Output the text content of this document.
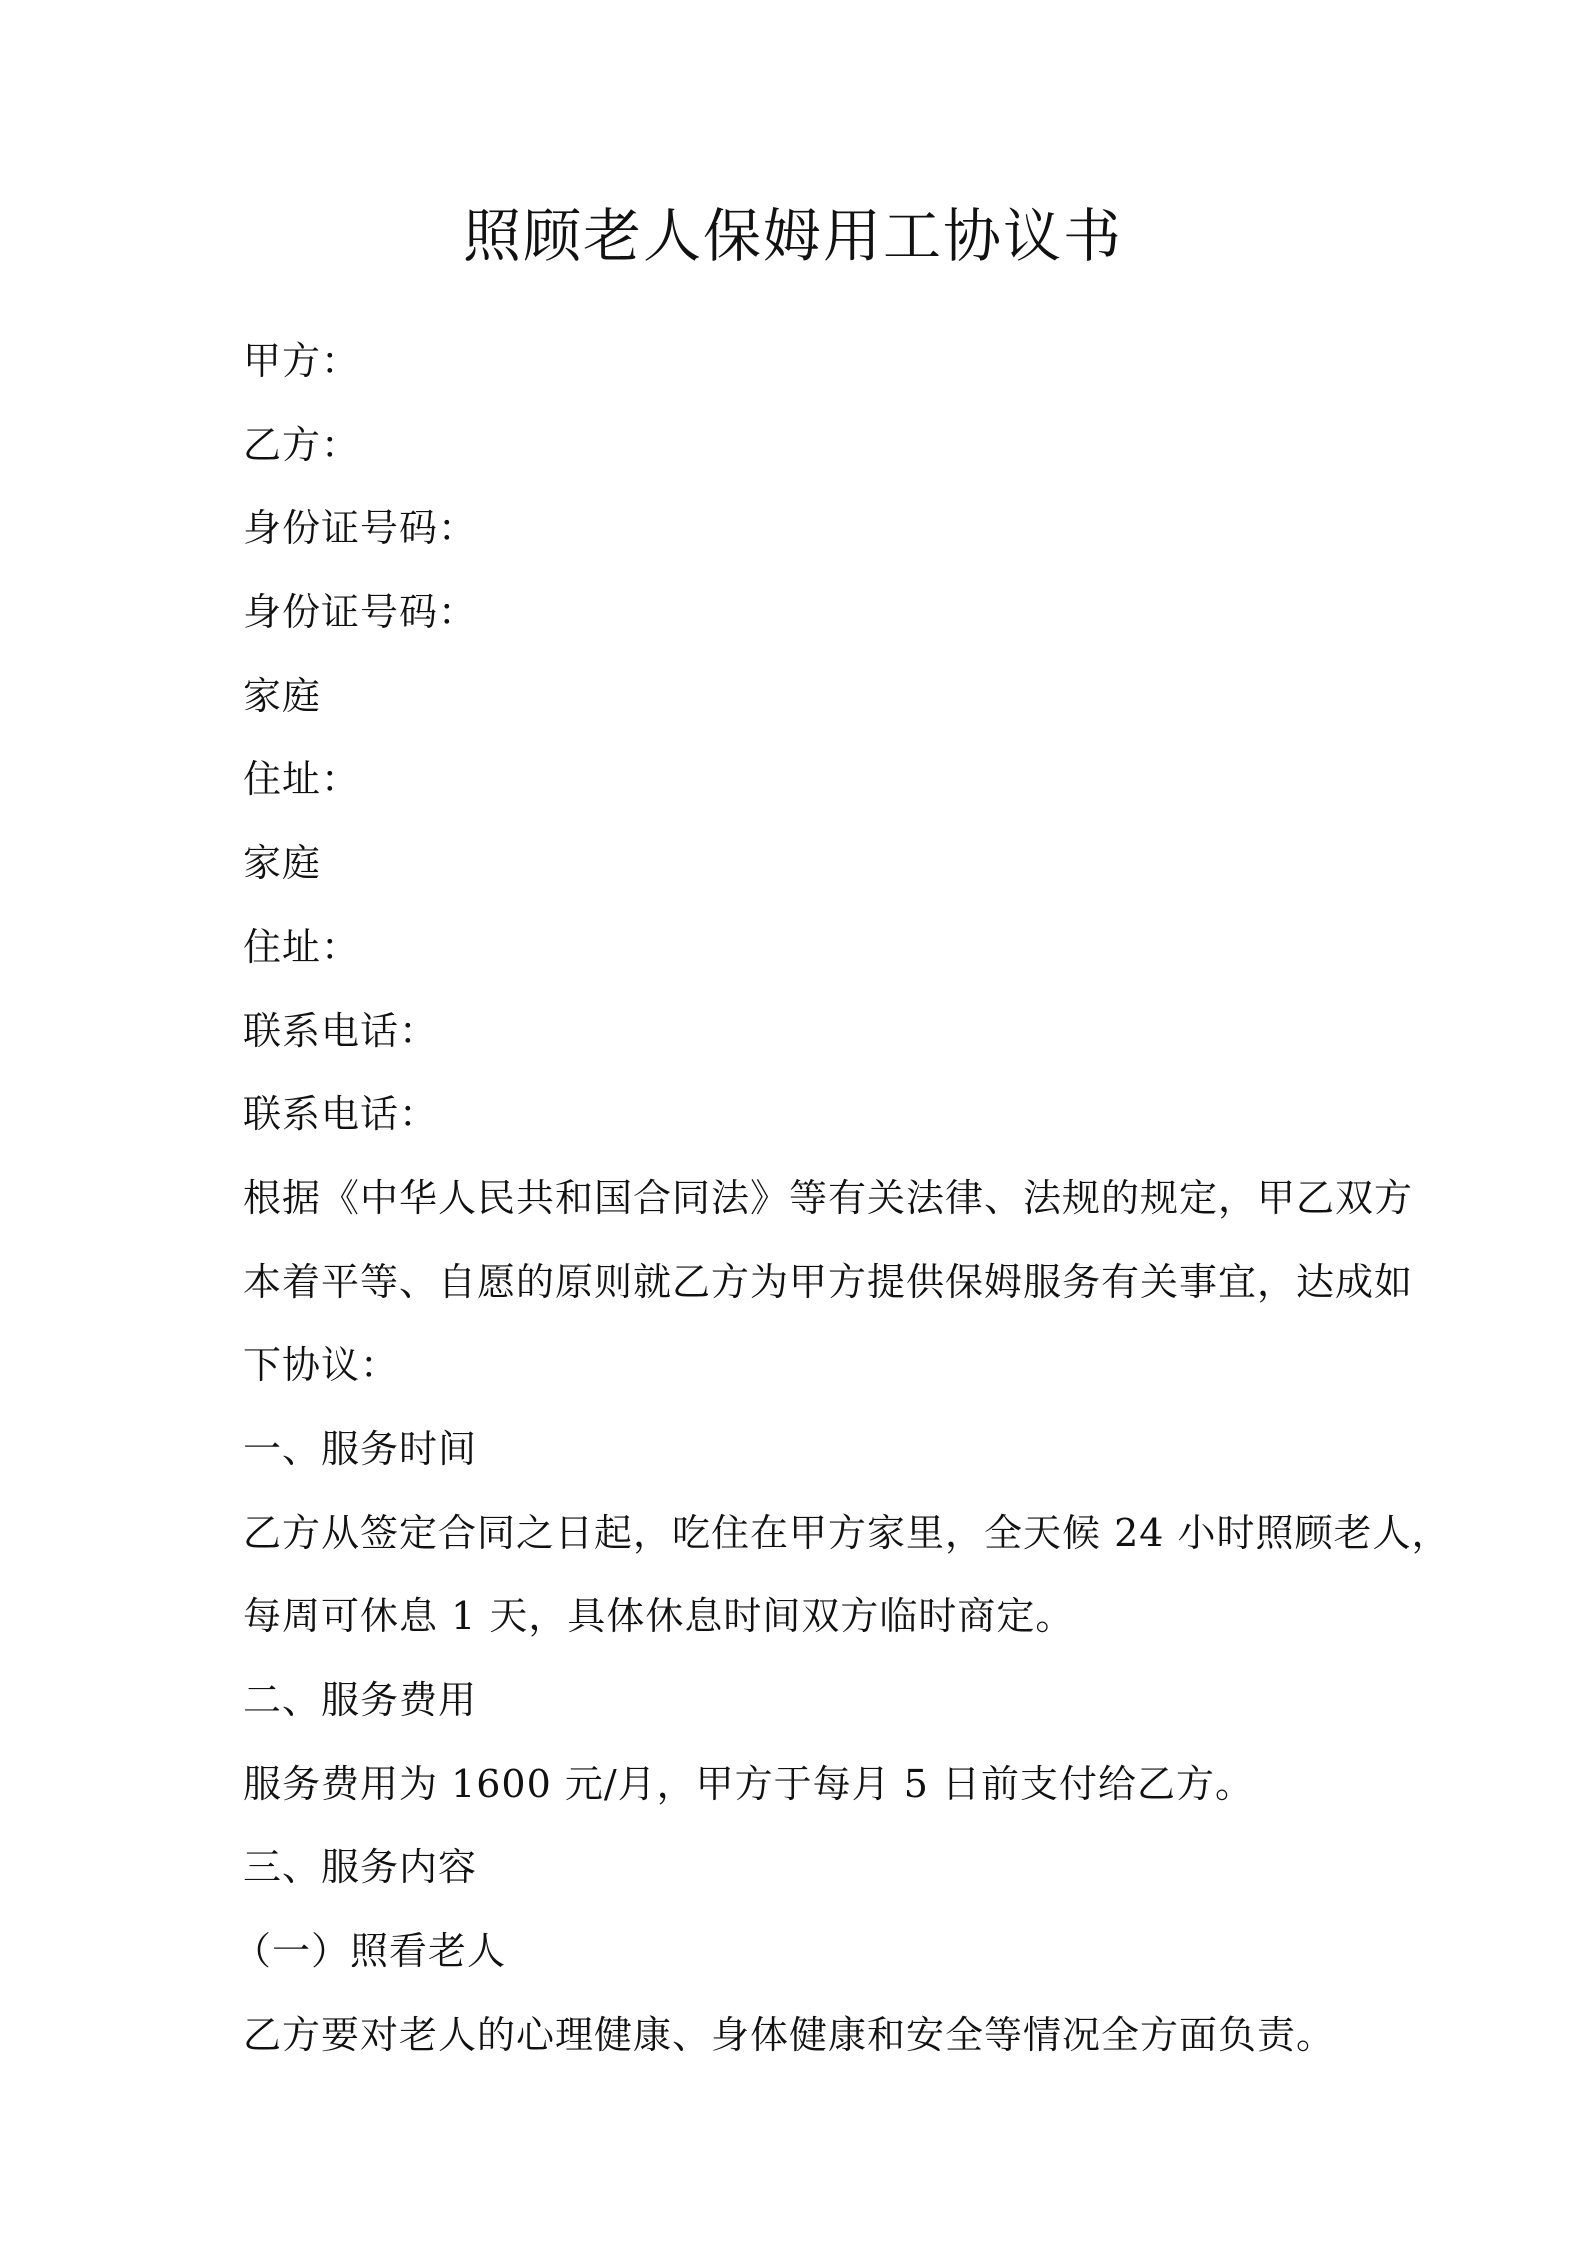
照顾老人保姆用工协议书
甲方：
乙方：
身份证号码：
身份证号码：
家庭
住址：
家庭
住址：
联系电话：
联系电话：
根据《中华人民共和国合同法》等有关法律、法规的规定，甲乙双方
本着平等、自愿的原则就乙方为甲方提供保姆服务有关事宜，达成如
下协议：
一、服务时间
乙方从签定合同之日起，吃住在甲方家里，全天候 24 小时照顾老人，
每周可休息 1 天，具体休息时间双方临时商定。
二、服务费用
服务费用为 1600 元/月，甲方于每月 5 日前支付给乙方。
三、服务内容
（一）照看老人
乙方要对老人的心理健康、身体健康和安全等情况全方面负责。
